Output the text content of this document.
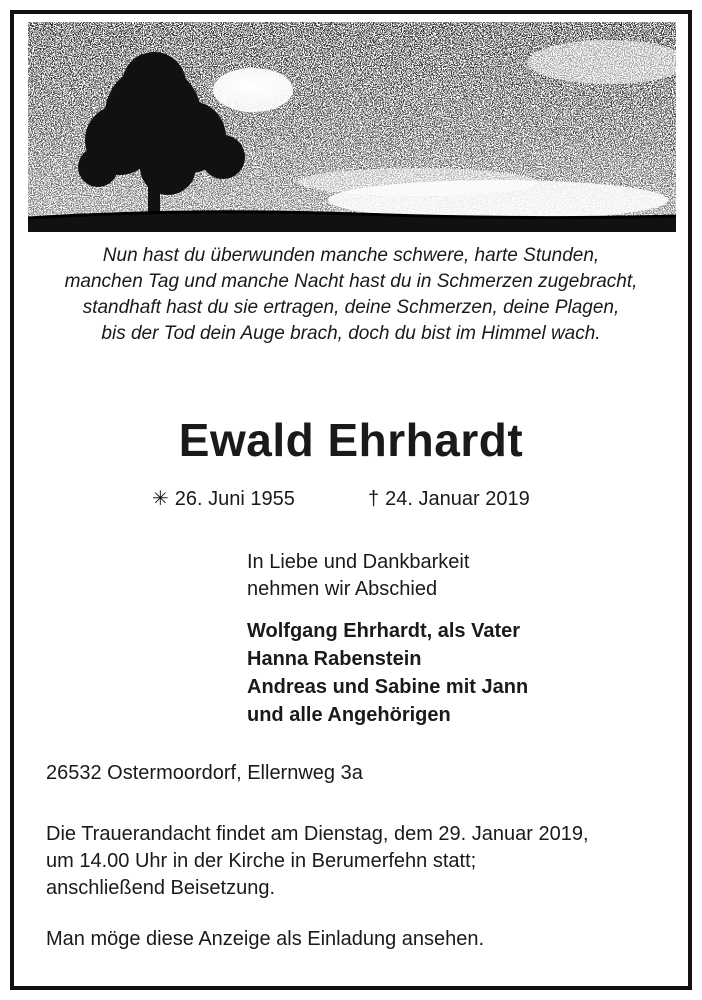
Nun hast du überwunden manche schwere, harte Stunden,
manchen Tag und manche Nacht hast du in Schmerzen zugebracht,
standhaft hast du sie ertragen, deine Schmerzen, deine Plagen,
bis der Tod dein Auge brach, doch du bist im Himmel wach.
Ewald Ehrhardt
✳ 26. Juni 1955	† 24. Januar 2019
In Liebe und Dankbarkeit
nehmen wir Abschied
Wolfgang Ehrhardt, als Vater
Hanna Rabenstein
Andreas und Sabine mit Jann
und alle Angehörigen
26532 Ostermoordorf, Ellernweg 3a
Die Trauerandacht findet am Dienstag, dem 29. Januar 2019,
um 14.00 Uhr in der Kirche in Berumerfehn statt;
anschließend Beisetzung.
Man möge diese Anzeige als Einladung ansehen.
